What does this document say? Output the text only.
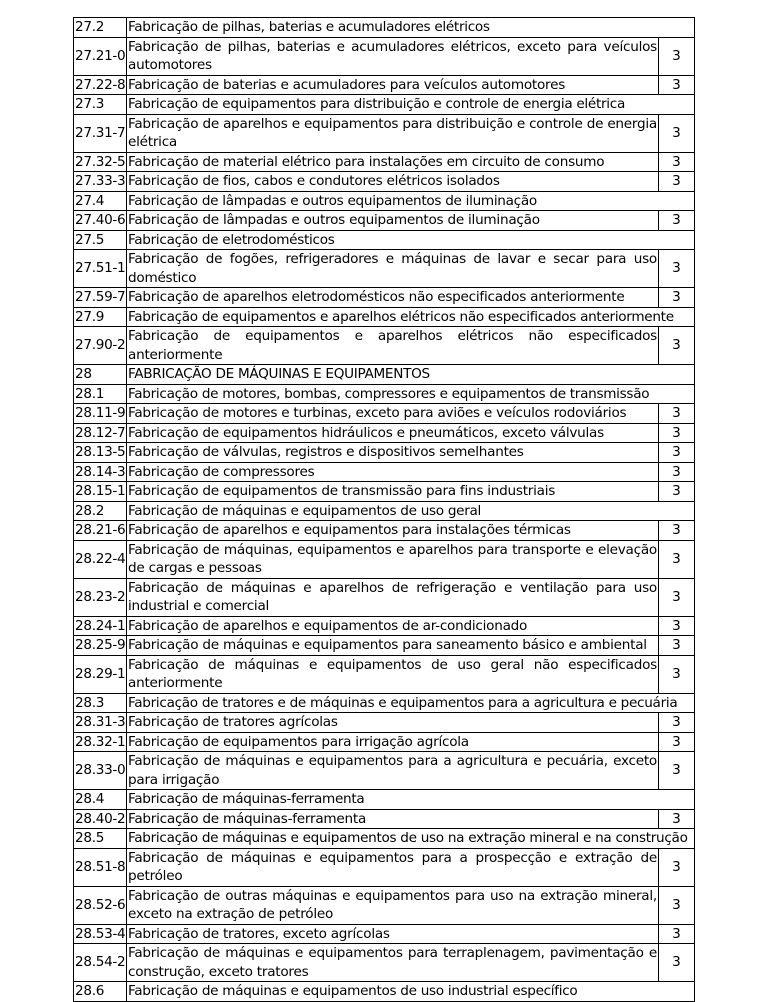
27.2	Fabricação de pilhas, baterias e acumuladores elétricos	
27.21-0	Fabricação de pilhas, baterias e acumuladores elétricos, exceto para veículos automotores	3
27.22-8	Fabricação de baterias e acumuladores para veículos automotores	3
27.3	Fabricação de equipamentos para distribuição e controle de energia elétrica	
27.31-7	Fabricação de aparelhos e equipamentos para distribuição e controle de energia elétrica	3
27.32-5	Fabricação de material elétrico para instalações em circuito de consumo	3
27.33-3	Fabricação de fios, cabos e condutores elétricos isolados	3
27.4	Fabricação de lâmpadas e outros equipamentos de iluminação	
27.40-6	Fabricação de lâmpadas e outros equipamentos de iluminação	3
27.5	Fabricação de eletrodomésticos	
27.51-1	Fabricação de fogões, refrigeradores e máquinas de lavar e secar para uso doméstico	3
27.59-7	Fabricação de aparelhos eletrodomésticos não especificados anteriormente	3
27.9	Fabricação de equipamentos e aparelhos elétricos não especificados anteriormente	
27.90-2	Fabricação de equipamentos e aparelhos elétricos não especificados anteriormente	3
28	FABRICAÇÃO DE MÁQUINAS E EQUIPAMENTOS	
28.1	Fabricação de motores, bombas, compressores e equipamentos de transmissão	
28.11-9	Fabricação de motores e turbinas, exceto para aviões e veículos rodoviários	3
28.12-7	Fabricação de equipamentos hidráulicos e pneumáticos, exceto válvulas	3
28.13-5	Fabricação de válvulas, registros e dispositivos semelhantes	3
28.14-3	Fabricação de compressores	3
28.15-1	Fabricação de equipamentos de transmissão para fins industriais	3
28.2	Fabricação de máquinas e equipamentos de uso geral	
28.21-6	Fabricação de aparelhos e equipamentos para instalações térmicas	3
28.22-4	Fabricação de máquinas, equipamentos e aparelhos para transporte e elevação de cargas e pessoas	3
28.23-2	Fabricação de máquinas e aparelhos de refrigeração e ventilação para uso industrial e comercial	3
28.24-1	Fabricação de aparelhos e equipamentos de ar-condicionado	3
28.25-9	Fabricação de máquinas e equipamentos para saneamento básico e ambiental	3
28.29-1	Fabricação de máquinas e equipamentos de uso geral não especificados anteriormente	3
28.3	Fabricação de tratores e de máquinas e equipamentos para a agricultura e pecuária	
28.31-3	Fabricação de tratores agrícolas	3
28.32-1	Fabricação de equipamentos para irrigação agrícola	3
28.33-0	Fabricação de máquinas e equipamentos para a agricultura e pecuária, exceto para irrigação	3
28.4	Fabricação de máquinas-ferramenta	
28.40-2	Fabricação de máquinas-ferramenta	3
28.5	Fabricação de máquinas e equipamentos de uso na extração mineral e na construção	
28.51-8	Fabricação de máquinas e equipamentos para a prospecção e extração de petróleo	3
28.52-6	Fabricação de outras máquinas e equipamentos para uso na extração mineral, exceto na extração de petróleo	3
28.53-4	Fabricação de tratores, exceto agrícolas	3
28.54-2	Fabricação de máquinas e equipamentos para terraplenagem, pavimentação e construção, exceto tratores	3
28.6	Fabricação de máquinas e equipamentos de uso industrial específico	
